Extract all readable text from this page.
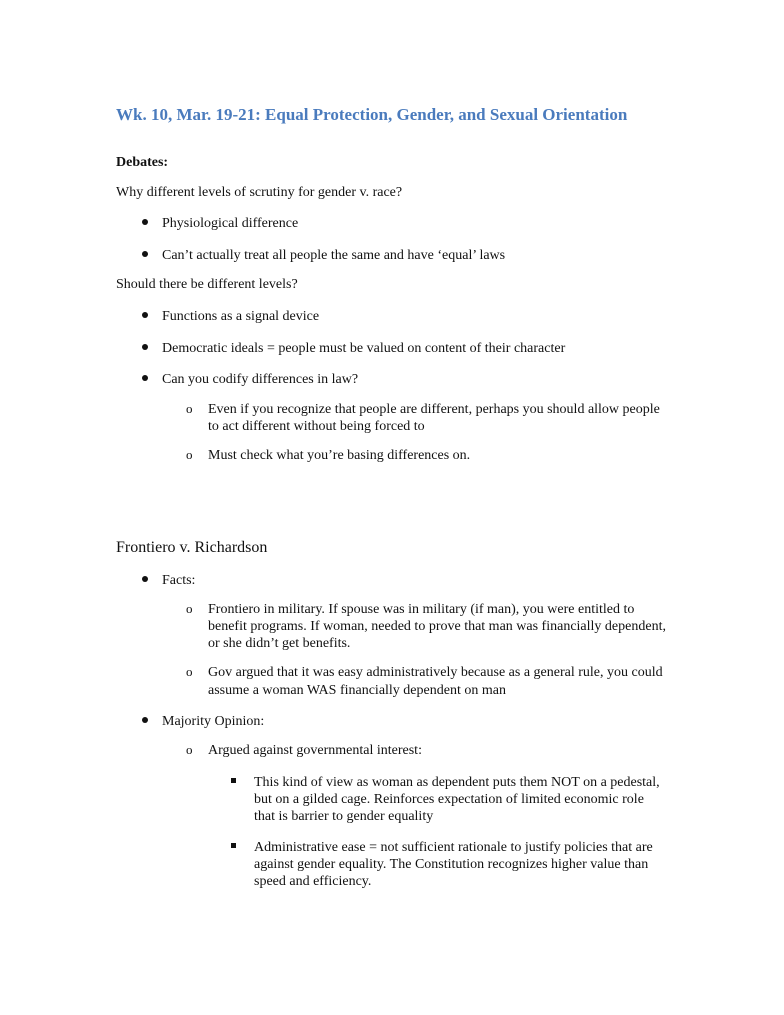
Wk. 10, Mar. 19-21: Equal Protection, Gender, and Sexual Orientation
Debates:
Why different levels of scrutiny for gender v. race?
Physiological difference
Can’t actually treat all people the same and have ‘equal’ laws
Should there be different levels?
Functions as a signal device
Democratic ideals = people must be valued on content of their character
Can you codify differences in law?
o Even if you recognize that people are different, perhaps you should allow people
to act different without being forced to
o Must check what you’re basing differences on.
Frontiero v. Richardson
Facts:
o Frontiero in military. If spouse was in military (if man), you were entitled to
benefit programs. If woman, needed to prove that man was financially dependent,
or she didn’t get benefits.
o Gov argued that it was easy administratively because as a general rule, you could
assume a woman WAS financially dependent on man
Majority Opinion:
o Argued against governmental interest:
This kind of view as woman as dependent puts them NOT on a pedestal,
but on a gilded cage. Reinforces expectation of limited economic role
that is barrier to gender equality
Administrative ease = not sufficient rationale to justify policies that are
against gender equality. The Constitution recognizes higher value than
speed and efficiency.
